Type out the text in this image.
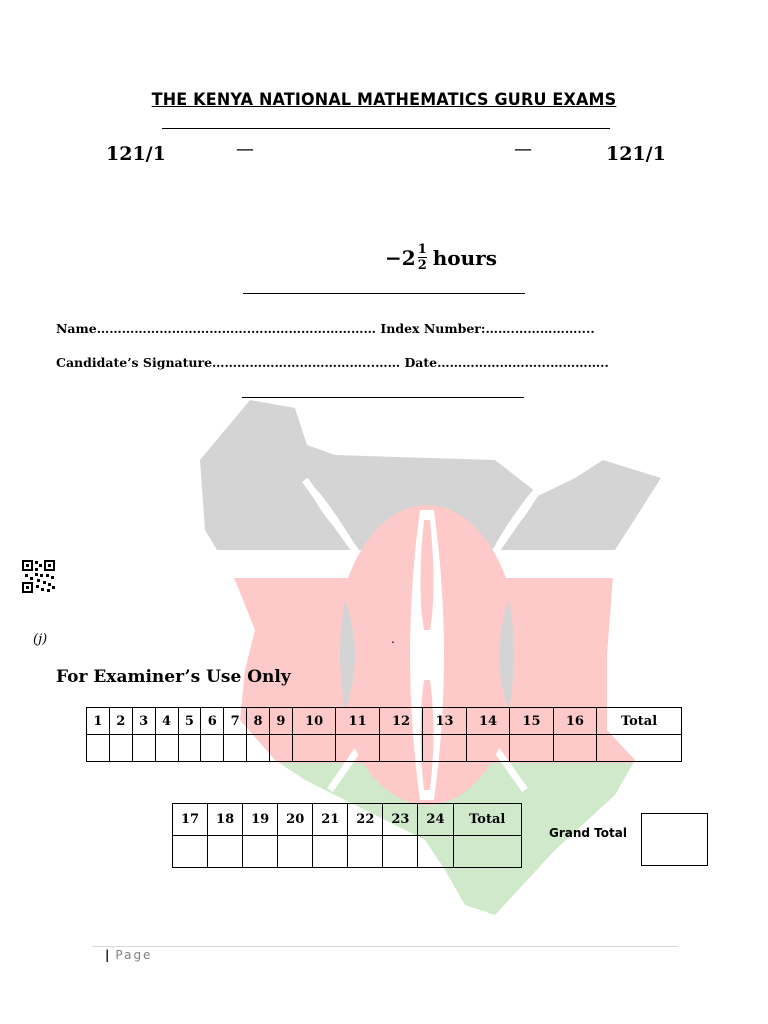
THE KENYA NATIONAL MATHEMATICS GURU EXAMS
121/1	—	—	121/1
$-2 \frac{1}{2}$ hours
Name……………………………….………………………… Index Number:…….……………....
Candidate’s Signature………………………………...…… Date……………………...…………..
(j)	.
For Examiner’s Use Only
1	2	3	4	5	6	7	8	9	10	11	12	13	14	15	16	Total

17	18	19	20	21	22	23	24	Total

Grand Total
| Page
